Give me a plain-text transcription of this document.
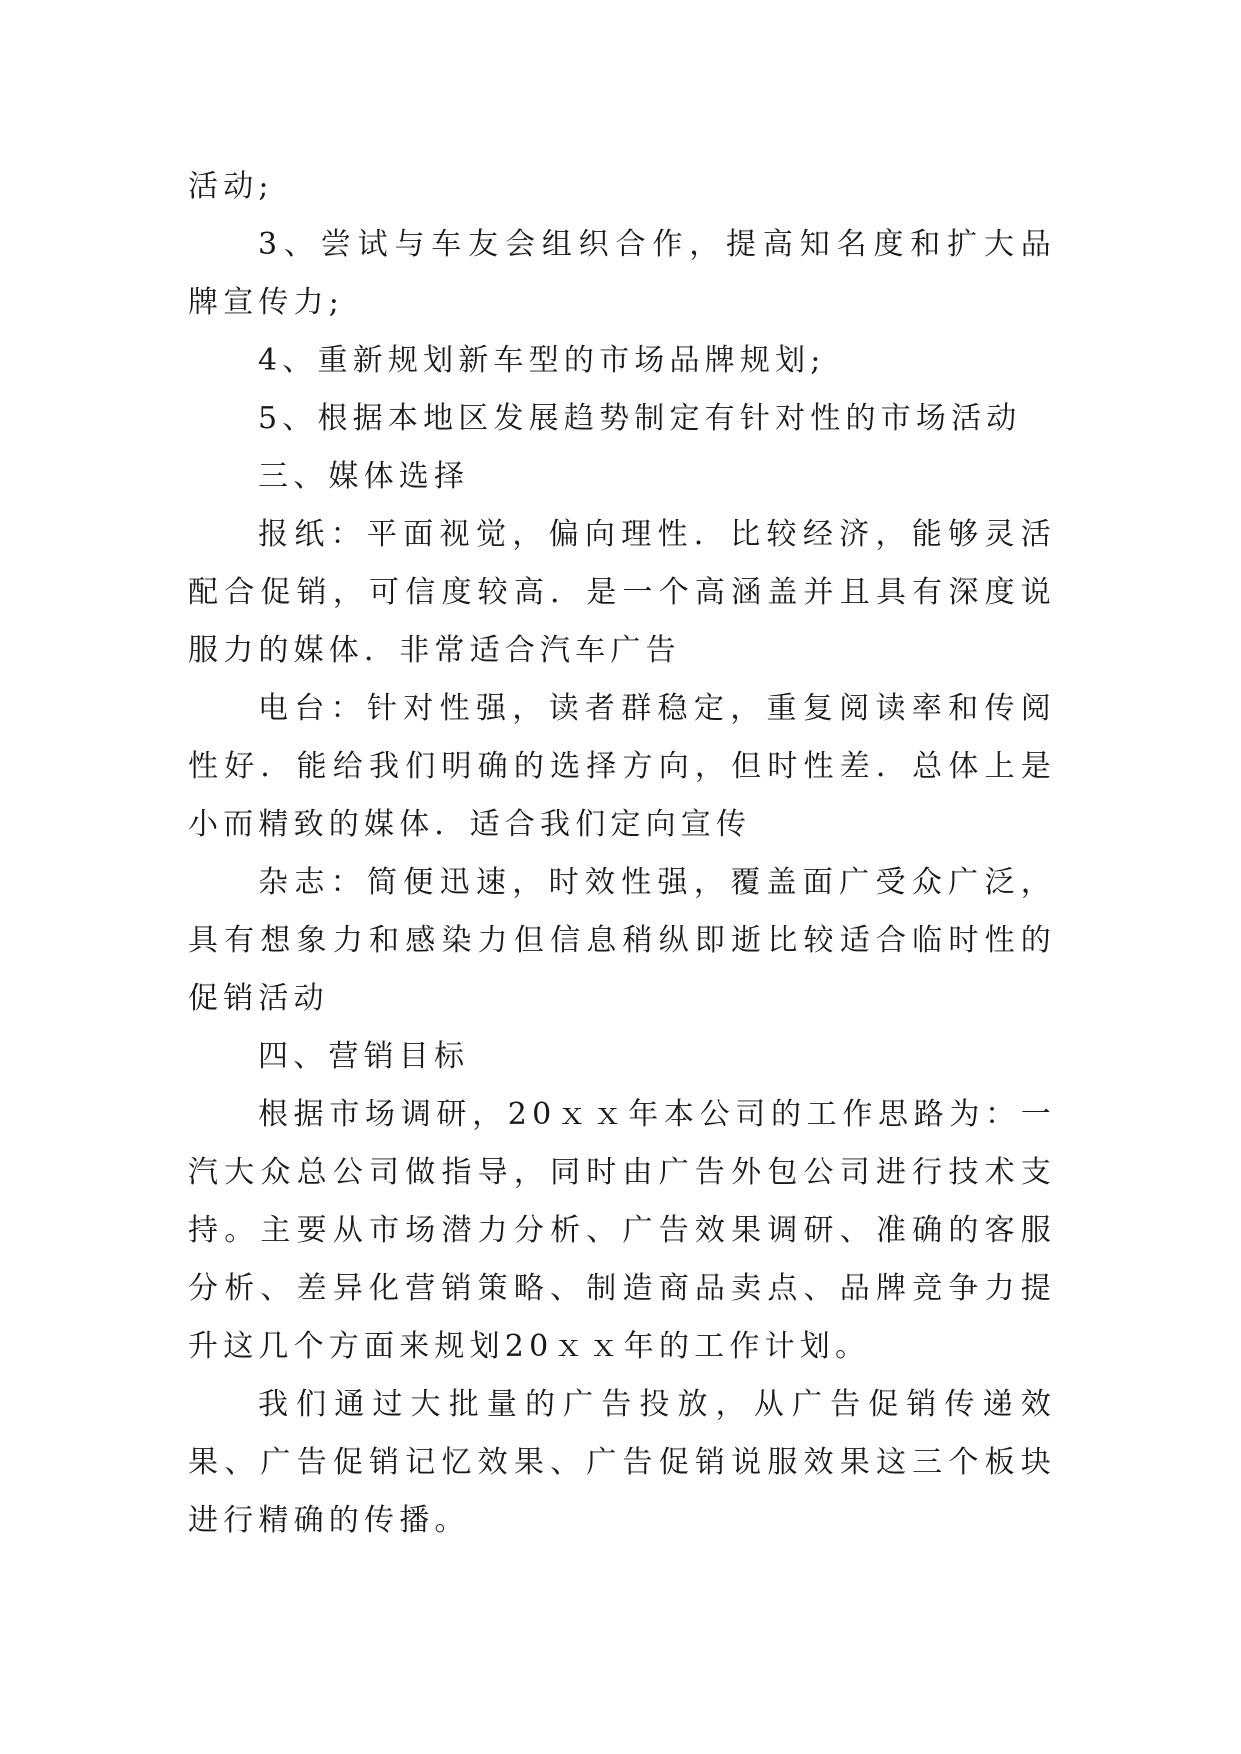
活动;

3、尝试与车友会组织合作，提高知名度和扩大品牌宣传力;

4、重新规划新车型的市场品牌规划;

5、根据本地区发展趋势制定有针对性的市场活动

三、媒体选择

报纸：平面视觉，偏向理性．比较经济，能够灵活配合促销，可信度较高．是一个高涵盖并且具有深度说服力的媒体．非常适合汽车广告

电台：针对性强，读者群稳定，重复阅读率和传阅性好．能给我们明确的选择方向，但时性差．总体上是小而精致的媒体．适合我们定向宣传

杂志：简便迅速，时效性强，覆盖面广受众广泛，具有想象力和感染力但信息稍纵即逝比较适合临时性的促销活动

四、营销目标

根据市场调研，20ｘｘ年本公司的工作思路为：一汽大众总公司做指导，同时由广告外包公司进行技术支持。主要从市场潜力分析、广告效果调研、准确的客服分析、差异化营销策略、制造商品卖点、品牌竞争力提升这几个方面来规划20ｘｘ年的工作计划。

我们通过大批量的广告投放，从广告促销传递效果、广告促销记忆效果、广告促销说服效果这三个板块进行精确的传播。
